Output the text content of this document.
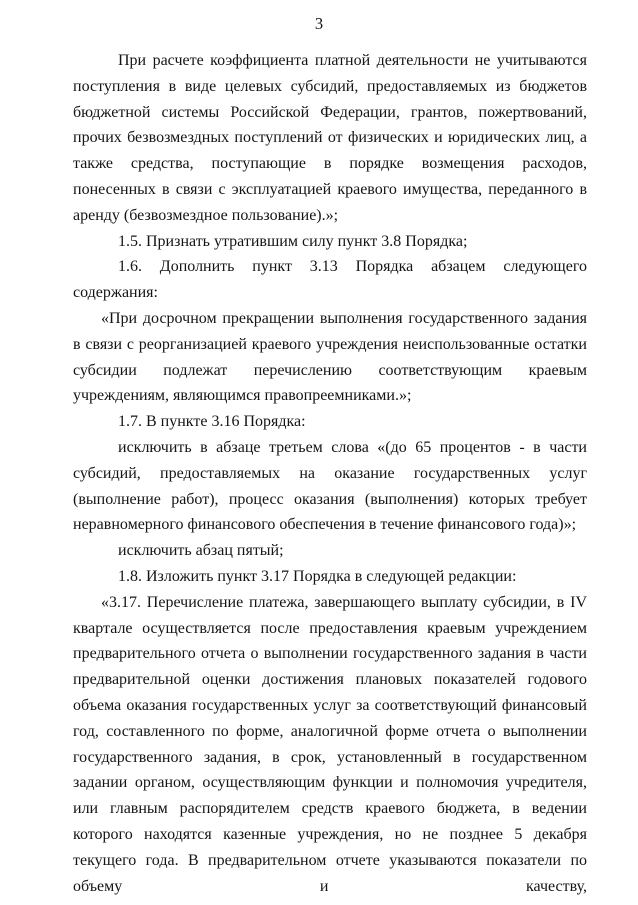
3

При расчете коэффициента платной деятельности не учитываются поступления в виде целевых субсидий, предоставляемых из бюджетов бюджетной системы Российской Федерации, грантов, пожертвований, прочих безвозмездных поступлений от физических и юридических лиц, а также средства, поступающие в порядке возмещения расходов, понесенных в связи с эксплуатацией краевого имущества, переданного в аренду (безвозмездное пользование).»;

1.5. Признать утратившим силу пункт 3.8 Порядка;

1.6. Дополнить пункт 3.13 Порядка абзацем следующего содержания:

«При досрочном прекращении выполнения государственного задания в связи с реорганизацией краевого учреждения неиспользованные остатки субсидии подлежат перечислению соответствующим краевым учреждениям, являющимся правопреемниками.»;

1.7. В пункте 3.16 Порядка:

исключить в абзаце третьем слова «(до 65 процентов - в части субсидий, предоставляемых на оказание государственных услуг (выполнение работ), процесс оказания (выполнения) которых требует неравномерного финансового обеспечения в течение финансового года)»;

исключить абзац пятый;

1.8. Изложить пункт 3.17 Порядка в следующей редакции:

«3.17. Перечисление платежа, завершающего выплату субсидии, в IV квартале осуществляется после предоставления краевым учреждением предварительного отчета о выполнении государственного задания в части предварительной оценки достижения плановых показателей годового объема оказания государственных услуг за соответствующий финансовый год, составленного по форме, аналогичной форме отчета о выполнении государственного задания, в срок, установленный в государственном задании органом, осуществляющим функции и полномочия учредителя, или главным распорядителем средств краевого бюджета, в ведении которого находятся казенные учреждения, но не позднее 5 декабря текущего года. В предварительном отчете указываются показатели по объему и качеству,
